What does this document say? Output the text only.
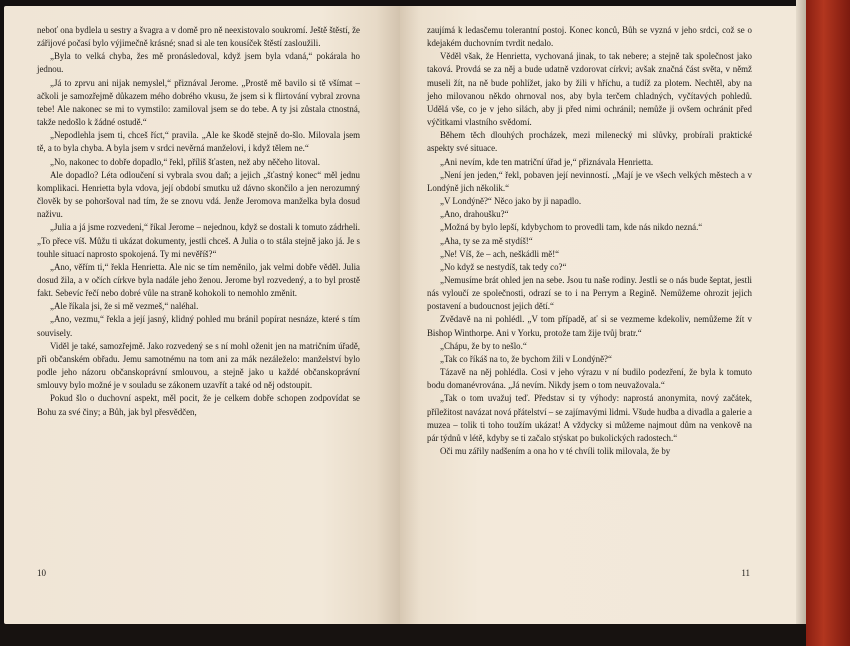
neboť ona bydlela u sestry a švagra a v domě pro ně neexistovalo soukromí. Ještě štěstí, že zářijové počasí bylo výjimečně krásné; snad si ale ten kousíček štěstí zasloužili.

„Byla to velká chyba, žes mě pronásledoval, když jsem byla vdaná,“ pokárala ho jednou.

„Já to zprvu ani nijak nemyslel,“ přiznával Jerome. „Prostě mě bavilo si tě všímat – ačkoli je samozřejmě důkazem mého dobrého vkusu, že jsem si k flirtování vybral zrovna tebe! Ale nakonec se mi to vymstilo: zamiloval jsem se do tebe. A ty jsi zůstala ctnostná, takže nedošlo k žádné ostudě.“

„Nepodlehla jsem ti, chceš říct,“ pravila. „Ale ke škodě stejně do-šlo. Milovala jsem tě, a to byla chyba. A byla jsem v srdci nevěrná manželovi, i když tělem ne.“

„No, nakonec to dobře dopadlo,“ řekl, příliš šťasten, než aby něčeho litoval.

Ale dopadlo? Léta odloučení si vybrala svou daň; a jejich „šťastný konec“ měl jednu komplikaci. Henrietta byla vdova, její období smutku už dávno skončilo a jen nerozumný člověk by se pohoršoval nad tím, že se znovu vdá. Jenže Jeromova manželka byla dosud naživu.

„Julia a já jsme rozvedeni,“ říkal Jerome – nejednou, když se dostali k tomuto zádrheli. „To přece víš. Můžu ti ukázat dokumenty, jestli chceš. A Julia o to stála stejně jako já. Je s touhle situací naprosto spokojená. Ty mi nevěříš?“

„Ano, věřím ti,“ řekla Henrietta. Ale nic se tím neměnilo, jak velmi dobře věděl. Julia dosud žila, a v očích církve byla nadále jeho ženou. Jerome byl rozvedený, a to byl prostě fakt. Sebevíc řečí nebo dobré vůle na straně kohokoli to nemohlo změnit.

„Ale říkala jsi, že si mě vezmeš,“ naléhal.

„Ano, vezmu,“ řekla a její jasný, klidný pohled mu bránil popírat nesnáze, které s tím souvisely.

Viděl je také, samozřejmě. Jako rozvedený se s ní mohl oženit jen na matričním úřadě, při občanském obřadu. Jemu samotnému na tom ani za mák nezáleželo: manželství bylo podle jeho názoru občanskoprávní smlouvou, a stejně jako u každé občanskoprávní smlouvy bylo možné je v souladu se zákonem uzavřít a také od něj odstoupit.

Pokud šlo o duchovní aspekt, měl pocit, že je celkem dobře schopen zodpovídat se Bohu za své činy; a Bůh, jak byl přesvědčen,

10

zaujímá k ledasčemu tolerantní postoj. Konec konců, Bůh se vyzná v jeho srdci, což se o kdejakém duchovním tvrdit nedalo.

Věděl však, že Henrietta, vychovaná jinak, to tak nebere; a stejně tak společnost jako taková. Provdá se za něj a bude udatně vzdorovat církvi; avšak značná část světa, v němž museli žít, na ně bude pohlížet, jako by žili v hříchu, a tudíž za plotem. Nechtěl, aby na jeho milovanou někdo ohrnoval nos, aby byla terčem chladných, vyčítavých pohledů. Udělá vše, co je v jeho silách, aby ji před nimi ochránil; nemůže ji ovšem ochránit před výčitkami vlastního svědomí.

Během těch dlouhých procházek, mezi milenecký mi slůvky, probírali praktické aspekty své situace.

„Ani nevím, kde ten matriční úřad je,“ přiznávala Henrietta.

„Není jen jeden,“ řekl, pobaven její nevinností. „Mají je ve všech velkých městech a v Londýně jich několik.“

„V Londýně?“ Něco jako by ji napadlo.

„Ano, drahoušku?“

„Možná by bylo lepší, kdybychom to provedli tam, kde nás nikdo nezná.“

„Aha, ty se za mě stydíš!“

„Ne! Víš, že – ach, neškádli mě!“

„No když se nestydíš, tak tedy co?“

„Nemusíme brát ohled jen na sebe. Jsou tu naše rodiny. Jestli se o nás bude šeptat, jestli nás vyloučí ze společnosti, odrazí se to i na Perrym a Regině. Nemůžeme ohrozit jejich postavení a budoucnost jejich dětí.“

Zvědavě na ni pohlédl. „V tom případě, ať si se vezmeme kdekoliv, nemůžeme žít v Bishop Winthorpe. Ani v Yorku, protože tam žije tvůj bratr.“

„Chápu, že by to nešlo.“

„Tak co říkáš na to, že bychom žili v Londýně?“

Tázavě na něj pohlédla. Cosi v jeho výrazu v ní budilo podezření, že byla k tomuto bodu domanévrována. „Já nevím. Nikdy jsem o tom neuvažovala.“

„Tak o tom uvažuj teď. Představ si ty výhody: naprostá anonymita, nový začátek, příležitost navázat nová přátelství – se zajímavými lidmi. Všude hudba a divadla a galerie a muzea – tolik ti toho toužím ukázat! A vždycky si můžeme najmout dům na venkově na pár týdnů v létě, kdyby se ti začalo stýskat po bukolických radostech.“

Oči mu zářily nadšením a ona ho v té chvíli tolik milovala, že by

11
